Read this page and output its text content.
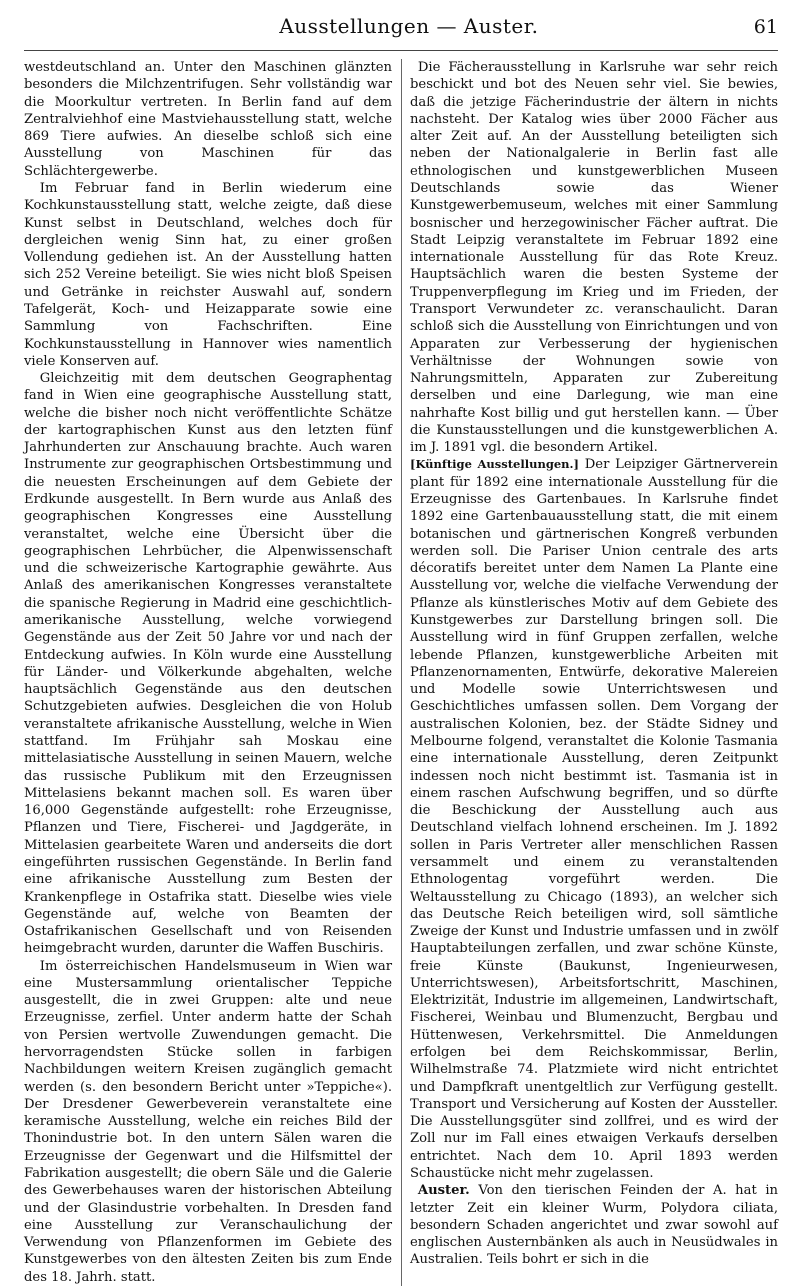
Ausstellungen — Auster.	61

westdeutschland an. Unter den Maschinen glänzten besonders die Milchzentrifugen. Sehr vollständig war die Moorkultur vertreten. In Berlin fand auf dem Zentralviehhof eine Mastviehausstellung statt, welche 869 Tiere aufwies. An dieselbe schloß sich eine Ausstellung von Maschinen für das Schlächtergewerbe.

Im Februar fand in Berlin wiederum eine Kochkunstausstellung statt, welche zeigte, daß diese Kunst selbst in Deutschland, welches doch für dergleichen wenig Sinn hat, zu einer großen Vollendung gediehen ist. An der Ausstellung hatten sich 252 Vereine beteiligt. Sie wies nicht bloß Speisen und Getränke in reichster Auswahl auf, sondern Tafelgerät, Koch- und Heizapparate sowie eine Sammlung von Fachschriften. Eine Kochkunstausstellung in Hannover wies namentlich viele Konserven auf.

Gleichzeitig mit dem deutschen Geographentag fand in Wien eine geographische Ausstellung statt, welche die bisher noch nicht veröffentlichte Schätze der kartographischen Kunst aus den letzten fünf Jahrhunderten zur Anschauung brachte. Auch waren Instrumente zur geographischen Ortsbestimmung und die neuesten Erscheinungen auf dem Gebiete der Erdkunde ausgestellt. In Bern wurde aus Anlaß des geographischen Kongresses eine Ausstellung veranstaltet, welche eine Übersicht über die geographischen Lehrbücher, die Alpenwissenschaft und die schweizerische Kartographie gewährte. Aus Anlaß des amerikanischen Kongresses veranstaltete die spanische Regierung in Madrid eine geschichtlich-amerikanische Ausstellung, welche vorwiegend Gegenstände aus der Zeit 50 Jahre vor und nach der Entdeckung aufwies. In Köln wurde eine Ausstellung für Länder- und Völkerkunde abgehalten, welche hauptsächlich Gegenstände aus den deutschen Schutzgebieten aufwies. Desgleichen die von Holub veranstaltete afrikanische Ausstellung, welche in Wien stattfand. Im Frühjahr sah Moskau eine mittelasiatische Ausstellung in seinen Mauern, welche das russische Publikum mit den Erzeugnissen Mittelasiens bekannt machen soll. Es waren über 16,000 Gegenstände aufgestellt: rohe Erzeugnisse, Pflanzen und Tiere, Fischerei- und Jagdgeräte, in Mittelasien gearbeitete Waren und anderseits die dort eingeführten russischen Gegenstände. In Berlin fand eine afrikanische Ausstellung zum Besten der Krankenpflege in Ostafrika statt. Dieselbe wies viele Gegenstände auf, welche von Beamten der Ostafrikanischen Gesellschaft und von Reisenden heimgebracht wurden, darunter die Waffen Buschiris.

Im österreichischen Handelsmuseum in Wien war eine Mustersammlung orientalischer Teppiche ausgestellt, die in zwei Gruppen: alte und neue Erzeugnisse, zerfiel. Unter anderm hatte der Schah von Persien wertvolle Zuwendungen gemacht. Die hervorragendsten Stücke sollen in farbigen Nachbildungen weitern Kreisen zugänglich gemacht werden (s. den besondern Bericht unter »Teppiche«). Der Dresdener Gewerbeverein veranstaltete eine keramische Ausstellung, welche ein reiches Bild der Thonindustrie bot. In den untern Sälen waren die Erzeugnisse der Gegenwart und die Hilfsmittel der Fabrikation ausgestellt; die obern Säle und die Galerie des Gewerbehauses waren der historischen Abteilung und der Glasindustrie vorbehalten. In Dresden fand eine Ausstellung zur Veranschaulichung der Verwendung von Pflanzenformen im Gebiete des Kunstgewerbes von den ältesten Zeiten bis zum Ende des 18. Jahrh. statt.

Die Fächerausstellung in Karlsruhe war sehr reich beschickt und bot des Neuen sehr viel. Sie bewies, daß die jetzige Fächerindustrie der ältern in nichts nachsteht. Der Katalog wies über 2000 Fächer aus alter Zeit auf. An der Ausstellung beteiligten sich neben der Nationalgalerie in Berlin fast alle ethnologischen und kunstgewerblichen Museen Deutschlands sowie das Wiener Kunstgewerbemuseum, welches mit einer Sammlung bosnischer und herzegowinischer Fächer auftrat. Die Stadt Leipzig veranstaltete im Februar 1892 eine internationale Ausstellung für das Rote Kreuz. Hauptsächlich waren die besten Systeme der Truppenverpflegung im Krieg und im Frieden, der Transport Verwundeter zc. veranschaulicht. Daran schloß sich die Ausstellung von Einrichtungen und von Apparaten zur Verbesserung der hygienischen Verhältnisse der Wohnungen sowie von Nahrungsmitteln, Apparaten zur Zubereitung derselben und eine Darlegung, wie man eine nahrhafte Kost billig und gut herstellen kann. — Über die Kunstausstellungen und die kunstgewerblichen A. im J. 1891 vgl. die besondern Artikel.

[Künftige Ausstellungen.] Der Leipziger Gärtnerverein plant für 1892 eine internationale Ausstellung für die Erzeugnisse des Gartenbaues. In Karlsruhe findet 1892 eine Gartenbauausstellung statt, die mit einem botanischen und gärtnerischen Kongreß verbunden werden soll. Die Pariser Union centrale des arts décoratifs bereitet unter dem Namen La Plante eine Ausstellung vor, welche die vielfache Verwendung der Pflanze als künstlerisches Motiv auf dem Gebiete des Kunstgewerbes zur Darstellung bringen soll. Die Ausstellung wird in fünf Gruppen zerfallen, welche lebende Pflanzen, kunstgewerbliche Arbeiten mit Pflanzenornamenten, Entwürfe, dekorative Malereien und Modelle sowie Unterrichtswesen und Geschichtliches umfassen sollen. Dem Vorgang der australischen Kolonien, bez. der Städte Sidney und Melbourne folgend, veranstaltet die Kolonie Tasmania eine internationale Ausstellung, deren Zeitpunkt indessen noch nicht bestimmt ist. Tasmania ist in einem raschen Aufschwung begriffen, und so dürfte die Beschickung der Ausstellung auch aus Deutschland vielfach lohnend erscheinen. Im J. 1892 sollen in Paris Vertreter aller menschlichen Rassen versammelt und einem zu veranstaltenden Ethnologentag vorgeführt werden. Die Weltausstellung zu Chicago (1893), an welcher sich das Deutsche Reich beteiligen wird, soll sämtliche Zweige der Kunst und Industrie umfassen und in zwölf Hauptabteilungen zerfallen, und zwar schöne Künste, freie Künste (Baukunst, Ingenieurwesen, Unterrichtswesen), Arbeitsfortschritt, Maschinen, Elektrizität, Industrie im allgemeinen, Landwirtschaft, Fischerei, Weinbau und Blumenzucht, Bergbau und Hüttenwesen, Verkehrsmittel. Die Anmeldungen erfolgen bei dem Reichskommissar, Berlin, Wilhelmstraße 74. Platzmiete wird nicht entrichtet und Dampfkraft unentgeltlich zur Verfügung gestellt. Transport und Versicherung auf Kosten der Aussteller. Die Ausstellungsgüter sind zollfrei, und es wird der Zoll nur im Fall eines etwaigen Verkaufs derselben entrichtet. Nach dem 10. April 1893 werden Schaustücke nicht mehr zugelassen.

Auster. Von den tierischen Feinden der A. hat in letzter Zeit ein kleiner Wurm, Polydora ciliata, besondern Schaden angerichtet und zwar sowohl auf englischen Austernbänken als auch in Neusüdwales in Australien. Teils bohrt er sich in die
